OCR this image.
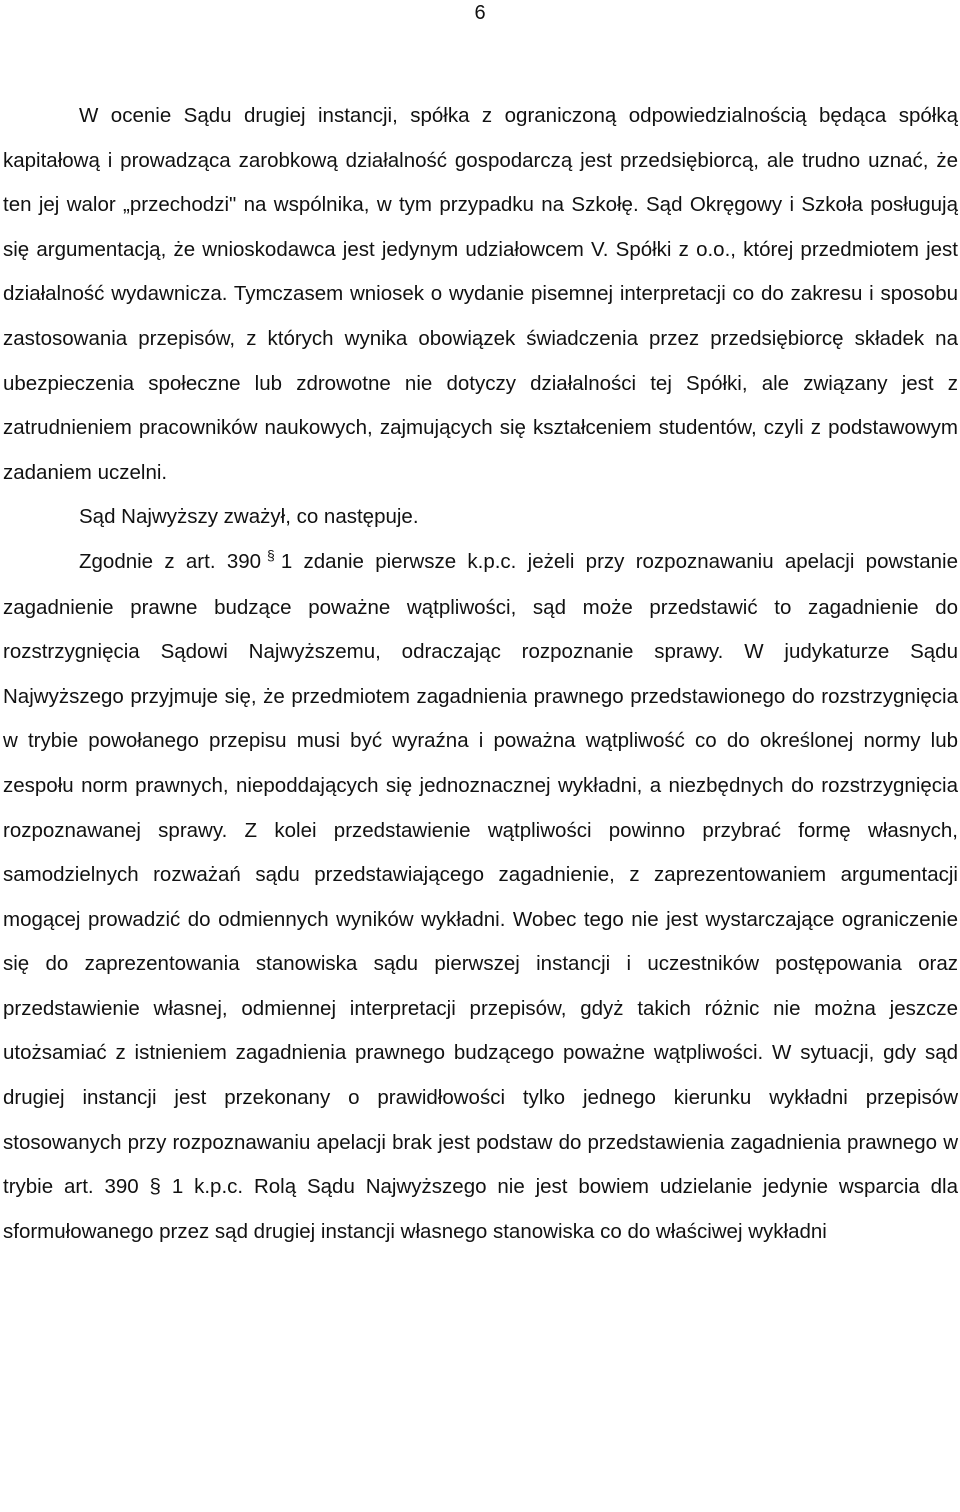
6

W ocenie Sądu drugiej instancji, spółka z ograniczoną odpowiedzialnością będąca spółką kapitałową i prowadząca zarobkową działalność gospodarczą jest przedsiębiorcą, ale trudno uznać, że ten jej walor „przechodzi" na wspólnika, w tym przypadku na Szkołę. Sąd Okręgowy i Szkoła posługują się argumentacją, że wnioskodawca jest jedynym udziałowcem V. Spółki z o.o., której przedmiotem jest działalność wydawnicza. Tymczasem wniosek o wydanie pisemnej interpretacji co do zakresu i sposobu zastosowania przepisów, z których wynika obowiązek świadczenia przez przedsiębiorcę składek na ubezpieczenia społeczne lub zdrowotne nie dotyczy działalności tej Spółki, ale związany jest z zatrudnieniem pracowników naukowych, zajmujących się kształceniem studentów, czyli z podstawowym zadaniem uczelni.

Sąd Najwyższy zważył, co następuje.

Zgodnie z art. 390 § 1 zdanie pierwsze k.p.c. jeżeli przy rozpoznawaniu apelacji powstanie zagadnienie prawne budzące poważne wątpliwości, sąd może przedstawić to zagadnienie do rozstrzygnięcia Sądowi Najwyższemu, odraczając rozpoznanie sprawy. W judykaturze Sądu Najwyższego przyjmuje się, że przedmiotem zagadnienia prawnego przedstawionego do rozstrzygnięcia w trybie powołanego przepisu musi być wyraźna i poważna wątpliwość co do określonej normy lub zespołu norm prawnych, niepoddających się jednoznacznej wykładni, a niezbędnych do rozstrzygnięcia rozpoznawanej sprawy. Z kolei przedstawienie wątpliwości powinno przybrać formę własnych, samodzielnych rozważań sądu przedstawiającego zagadnienie, z zaprezentowaniem argumentacji mogącej prowadzić do odmiennych wyników wykładni. Wobec tego nie jest wystarczające ograniczenie się do zaprezentowania stanowiska sądu pierwszej instancji i uczestników postępowania oraz przedstawienie własnej, odmiennej interpretacji przepisów, gdyż takich różnic nie można jeszcze utożsamiać z istnieniem zagadnienia prawnego budzącego poważne wątpliwości. W sytuacji, gdy sąd drugiej instancji jest przekonany o prawidłowości tylko jednego kierunku wykładni przepisów stosowanych przy rozpoznawaniu apelacji brak jest podstaw do przedstawienia zagadnienia prawnego w trybie art. 390 § 1 k.p.c. Rolą Sądu Najwyższego nie jest bowiem udzielanie jedynie wsparcia dla sformułowanego przez sąd drugiej instancji własnego stanowiska co do właściwej wykładni
